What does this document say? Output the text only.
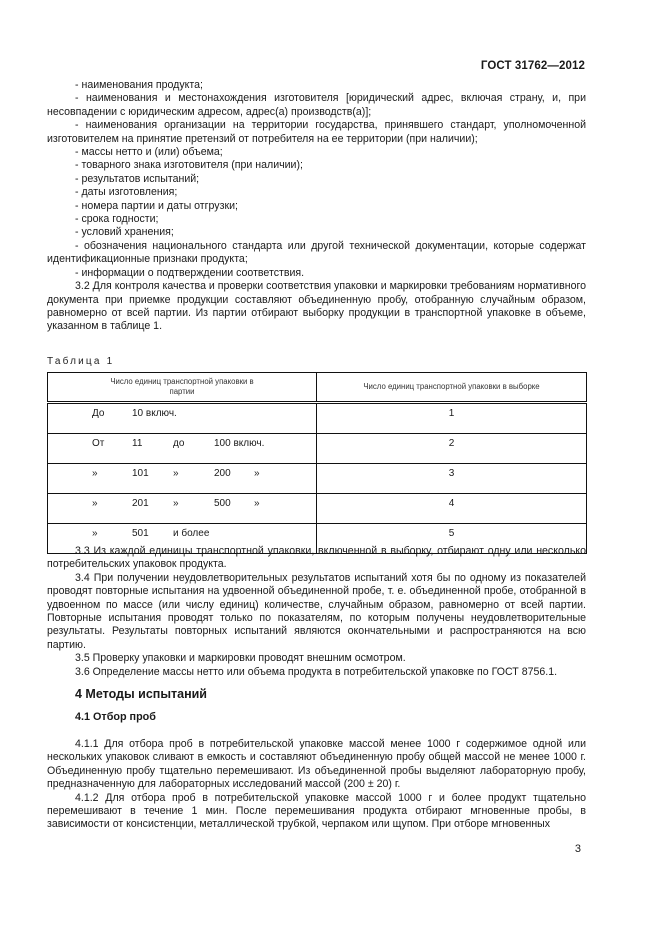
ГОСТ 31762—2012

- наименования продукта;

- наименования и местонахождения изготовителя [юридический адрес, включая страну, и, при несовпадении с юридическим адресом, адрес(а) производств(а)];

- наименования организации на территории государства, принявшего стандарт, уполномоченной изготовителем на принятие претензий от потребителя на ее территории (при наличии);

- массы нетто и (или) объема;

- товарного знака изготовителя (при наличии);

- результатов испытаний;

- даты изготовления;

- номера партии и даты отгрузки;

- срока годности;

- условий хранения;

- обозначения национального стандарта или другой технической документации, которые содержат идентификационные признаки продукта;

- информации о подтверждении соответствия.

3.2 Для контроля качества и проверки соответствия упаковки и маркировки требованиям нормативного документа при приемке продукции составляют объединенную пробу, отобранную случайным образом, равномерно от всей партии. Из партии отбирают выборку продукции в транспортной упаковке в объеме, указанном в таблице 1.

Таблица 1
Число единиц транспортной упаковки в партии	Число единиц транспортной упаковки в выборке

До 10 включ.	1

От 11 до 100 включ.	2

» 101 » 200 »	3

» 201 » 500 »	4

» 501 и более	5

3.3 Из каждой единицы транспортной упаковки, включенной в выборку, отбирают одну или несколько потребительских упаковок продукта.

3.4 При получении неудовлетворительных результатов испытаний хотя бы по одному из показателей проводят повторные испытания на удвоенной объединенной пробе, т. е. объединенной пробе, отобранной в удвоенном по массе (или числу единиц) количестве, случайным образом, равномерно от всей партии. Повторные испытания проводят только по показателям, по которым получены неудовлетворительные результаты. Результаты повторных испытаний являются окончательными и распространяются на всю партию.

3.5 Проверку упаковки и маркировки проводят внешним осмотром.

3.6 Определение массы нетто или объема продукта в потребительской упаковке по ГОСТ 8756.1.

4 Методы испытаний
4.1 Отбор проб

4.1.1 Для отбора проб в потребительской упаковке массой менее 1000 г содержимое одной или нескольких упаковок сливают в емкость и составляют объединенную пробу общей массой не менее 1000 г. Объединенную пробу тщательно перемешивают. Из объединенной пробы выделяют лабораторную пробу, предназначенную для лабораторных исследований массой (200 ± 20) г.

4.1.2 Для отбора проб в потребительской упаковке массой 1000 г и более продукт тщательно перемешивают в течение 1 мин. После перемешивания продукта отбирают мгновенные пробы, в зависимости от консистенции, металлической трубкой, черпаком или щупом. При отборе мгновенных

3
